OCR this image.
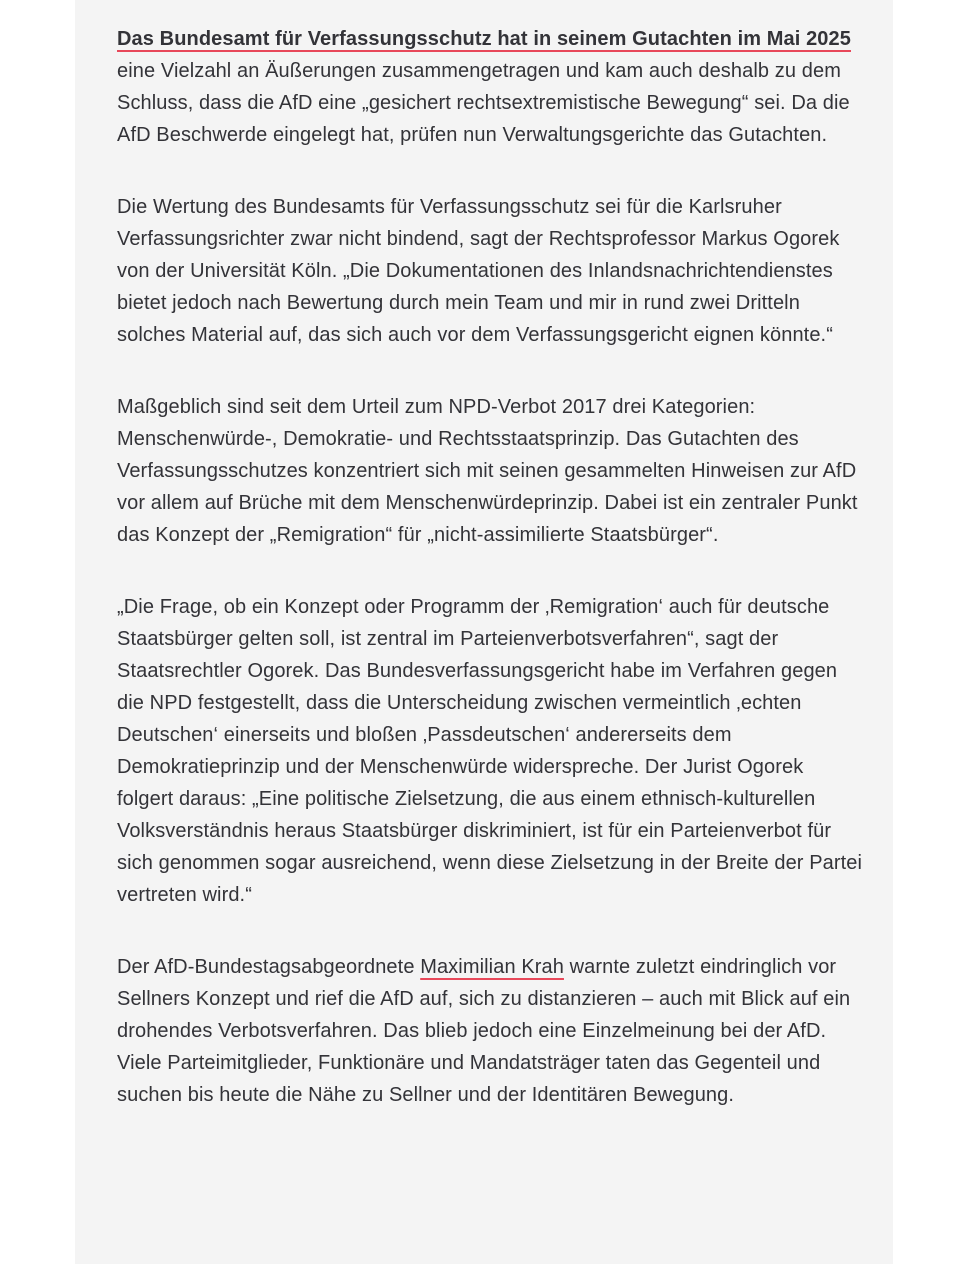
Das Bundesamt für Verfassungsschutz hat in seinem Gutachten im Mai 2025 eine Vielzahl an Äußerungen zusammengetragen und kam auch deshalb zu dem Schluss, dass die AfD eine „gesichert rechtsextremistische Bewegung“ sei. Da die AfD Beschwerde eingelegt hat, prüfen nun Verwaltungsgerichte das Gutachten.

Die Wertung des Bundesamts für Verfassungsschutz sei für die Karlsruher Verfassungsrichter zwar nicht bindend, sagt der Rechtsprofessor Markus Ogorek von der Universität Köln. „Die Dokumentationen des Inlandsnachrichtendienstes bietet jedoch nach Bewertung durch mein Team und mir in rund zwei Dritteln solches Material auf, das sich auch vor dem Verfassungsgericht eignen könnte.“

Maßgeblich sind seit dem Urteil zum NPD-Verbot 2017 drei Kategorien: Menschenwürde-, Demokratie- und Rechtsstaatsprinzip. Das Gutachten des Verfassungsschutzes konzentriert sich mit seinen gesammelten Hinweisen zur AfD vor allem auf Brüche mit dem Menschenwürdeprinzip. Dabei ist ein zentraler Punkt das Konzept der „Remigration“ für „nicht-assimilierte Staatsbürger“.

„Die Frage, ob ein Konzept oder Programm der ‚Remigration‘ auch für deutsche Staatsbürger gelten soll, ist zentral im Parteienverbotsverfahren“, sagt der Staatsrechtler Ogorek. Das Bundesverfassungsgericht habe im Verfahren gegen die NPD festgestellt, dass die Unterscheidung zwischen vermeintlich ‚echten Deutschen‘ einerseits und bloßen ‚Passdeutschen‘ andererseits dem Demokratieprinzip und der Menschenwürde widerspreche. Der Jurist Ogorek folgert daraus: „Eine politische Zielsetzung, die aus einem ethnisch-kulturellen Volksverständnis heraus Staatsbürger diskriminiert, ist für ein Parteienverbot für sich genommen sogar ausreichend, wenn diese Zielsetzung in der Breite der Partei vertreten wird.“

Der AfD-Bundestagsabgeordnete Maximilian Krah warnte zuletzt eindringlich vor Sellners Konzept und rief die AfD auf, sich zu distanzieren – auch mit Blick auf ein drohendes Verbotsverfahren. Das blieb jedoch eine Einzelmeinung bei der AfD. Viele Parteimitglieder, Funktionäre und Mandatsträger taten das Gegenteil und suchen bis heute die Nähe zu Sellner und der Identitären Bewegung.
